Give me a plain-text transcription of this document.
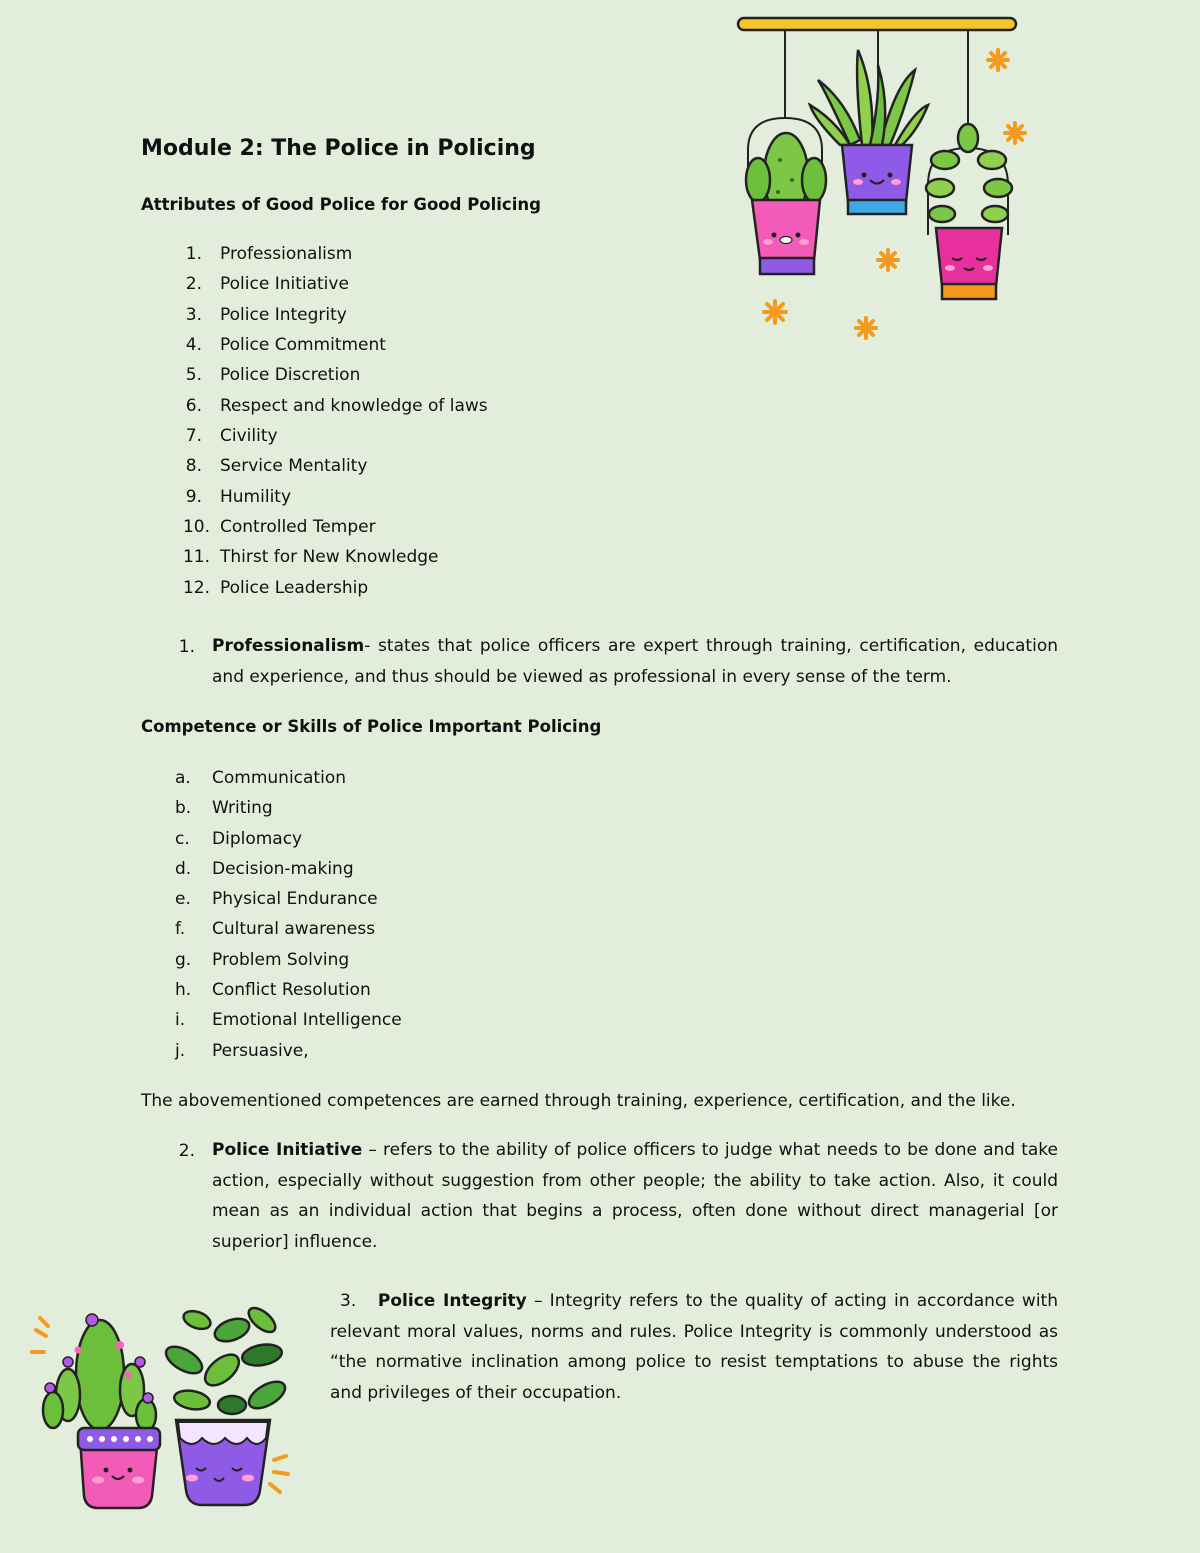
Module 2: The Police in Policing
Attributes of Good Police for Good Policing
1. Professionalism
2. Police Initiative
3. Police Integrity
4. Police Commitment
5. Police Discretion
6. Respect and knowledge of laws
7. Civility
8. Service Mentality
9. Humility
10. Controlled Temper
11. Thirst for New Knowledge
12. Police Leadership
1. Professionalism- states that police officers are expert through training, certification, education and experience, and thus should be viewed as professional in every sense of the term.
Competence or Skills of Police Important Policing
a. Communication
b. Writing
c. Diplomacy
d. Decision-making
e. Physical Endurance
f. Cultural awareness
g. Problem Solving
h. Conflict Resolution
i. Emotional Intelligence
j. Persuasive,
The abovementioned competences are earned through training, experience, certification, and the like.
2. Police Initiative – refers to the ability of police officers to judge what needs to be done and take action, especially without suggestion from other people; the ability to take action. Also, it could mean as an individual action that begins a process, often done without direct managerial [or superior] influence.
3. Police Integrity – Integrity refers to the quality of acting in accordance with relevant moral values, norms and rules. Police Integrity is commonly understood as “the normative inclination among police to resist temptations to abuse the rights and privileges of their occupation.
